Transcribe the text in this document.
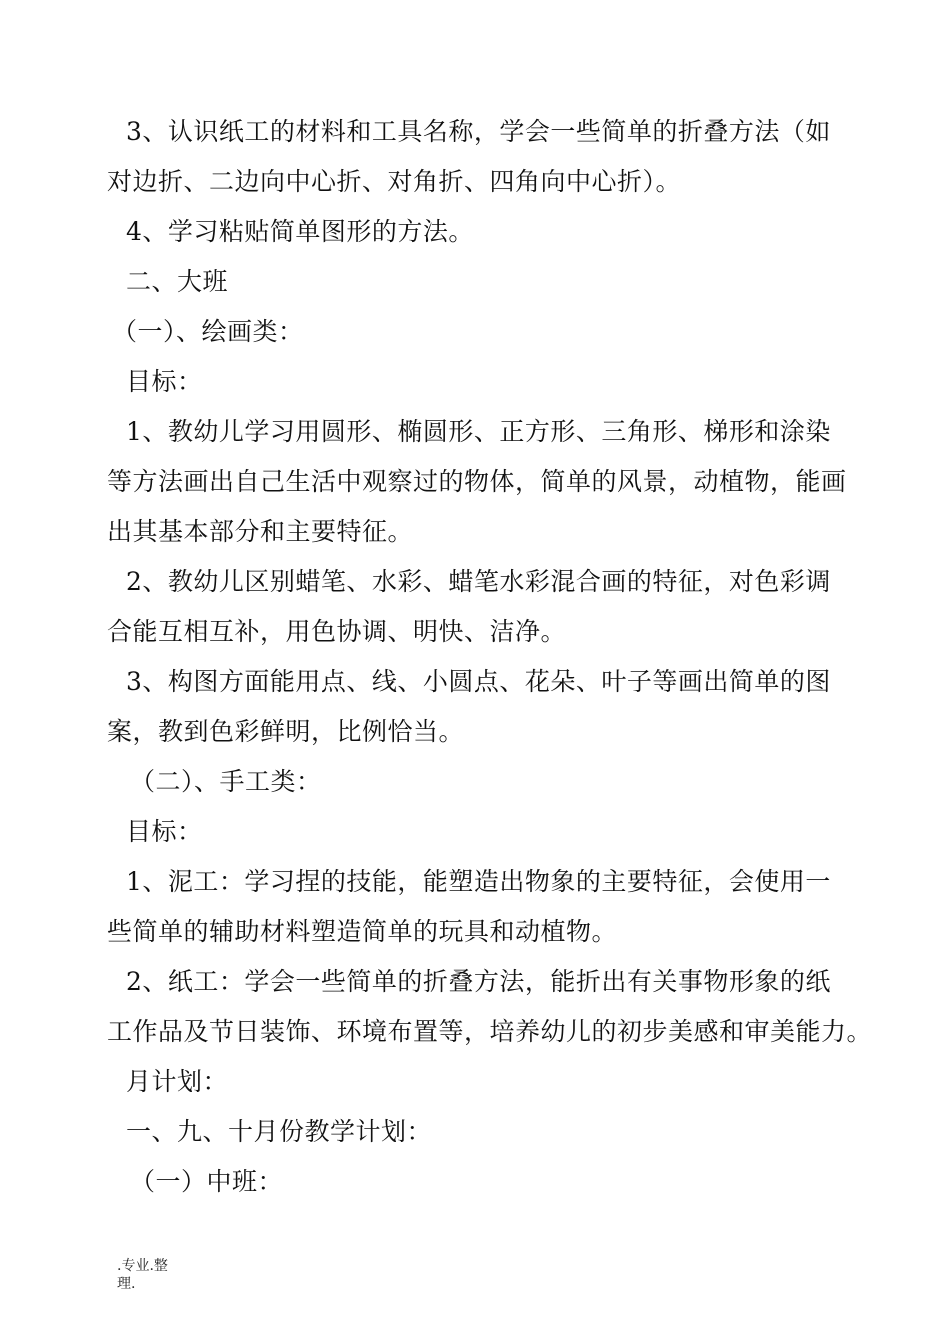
3、认识纸工的材料和工具名称，学会一些简单的折叠方法（如
对边折、二边向中心折、对角折、四角向中心折）。
4、学习粘贴简单图形的方法。
二、大班
（一）、绘画类：
目标：
1、教幼儿学习用圆形、椭圆形、正方形、三角形、梯形和涂染
等方法画出自己生活中观察过的物体，简单的风景，动植物，能画
出其基本部分和主要特征。
2、教幼儿区别蜡笔、水彩、蜡笔水彩混合画的特征，对色彩调
合能互相互补，用色协调、明快、洁净。
3、构图方面能用点、线、小圆点、花朵、叶子等画出简单的图
案，教到色彩鲜明，比例恰当。
（二）、手工类：
目标：
1、泥工：学习捏的技能，能塑造出物象的主要特征，会使用一
些简单的辅助材料塑造简单的玩具和动植物。
2、纸工：学会一些简单的折叠方法，能折出有关事物形象的纸
工作品及节日装饰、环境布置等，培养幼儿的初步美感和审美能力。
月计划：
一、九、十月份教学计划：
（一）中班：
.专业.整
理.
